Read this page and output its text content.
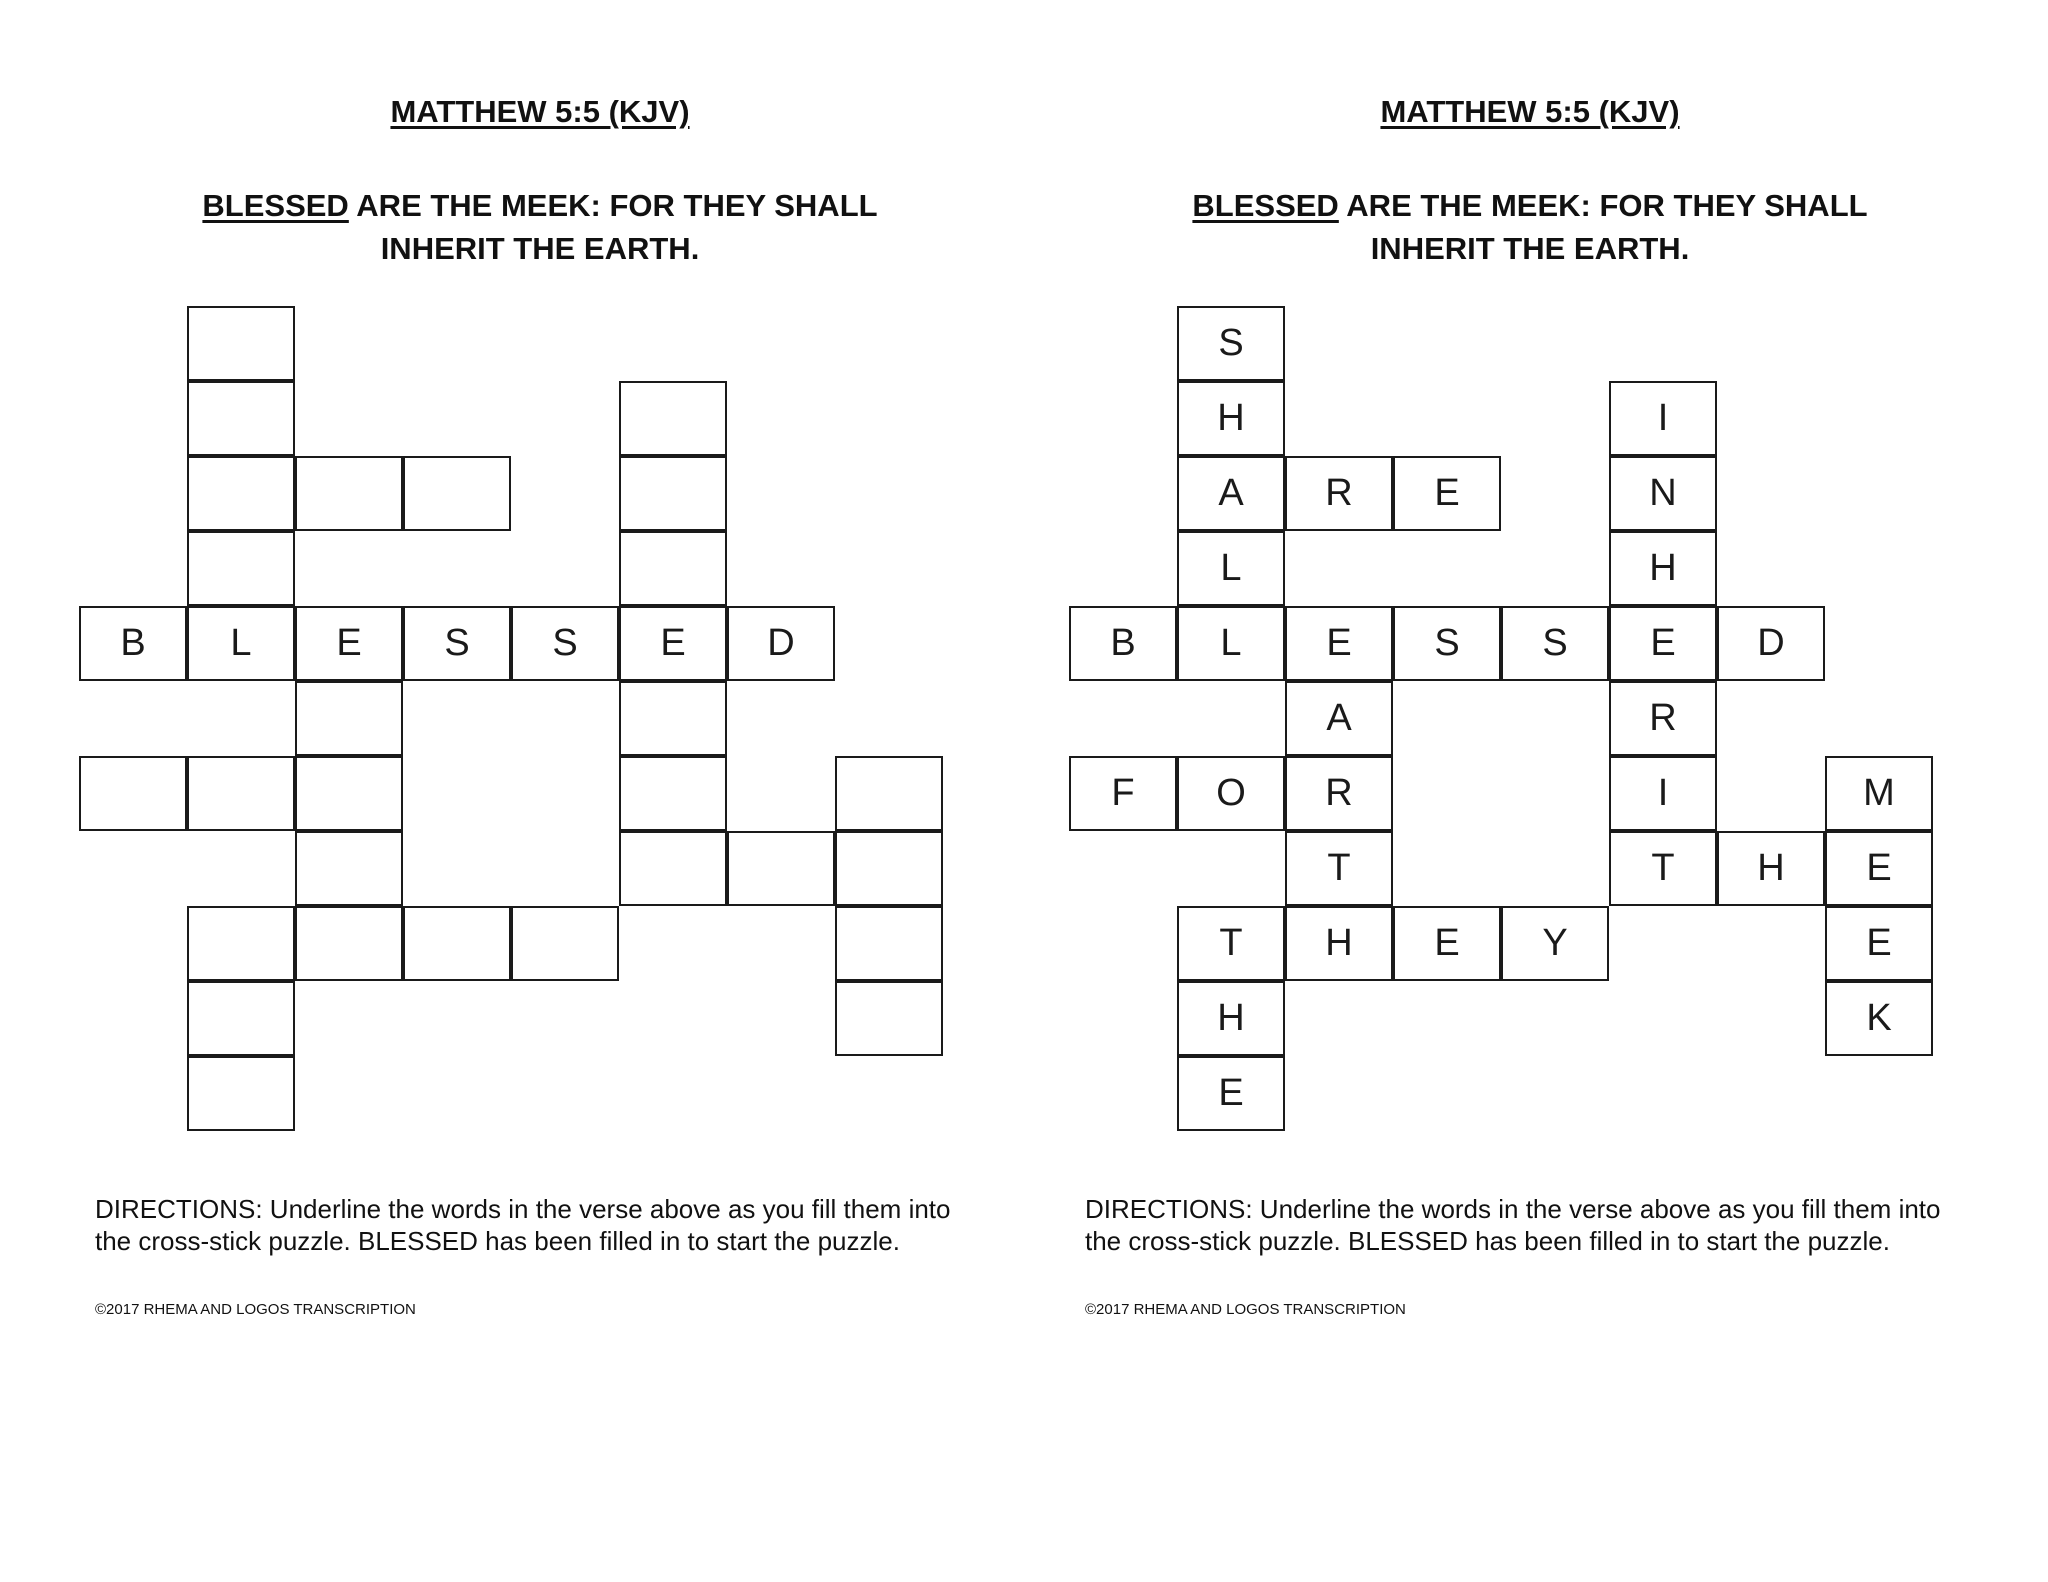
MATTHEW 5:5 (KJV)
BLESSED ARE THE MEEK: FOR THEY SHALL
INHERIT THE EARTH.
B	L	E	S	S	E	D
DIRECTIONS: Underline the words in the verse above as you fill them into
the cross-stick puzzle. BLESSED has been filled in to start the puzzle.
©2017 RHEMA AND LOGOS TRANSCRIPTION
MATTHEW 5:5 (KJV)
BLESSED ARE THE MEEK: FOR THEY SHALL
INHERIT THE EARTH.
S
H
A	R	E
L
I
N
H
B	L	E	S	S	E	D
A	R
F	O	R	I	M
T	T	H	E
T	H	E	Y	E
H	K
E
DIRECTIONS: Underline the words in the verse above as you fill them into
the cross-stick puzzle. BLESSED has been filled in to start the puzzle.
©2017 RHEMA AND LOGOS TRANSCRIPTION
